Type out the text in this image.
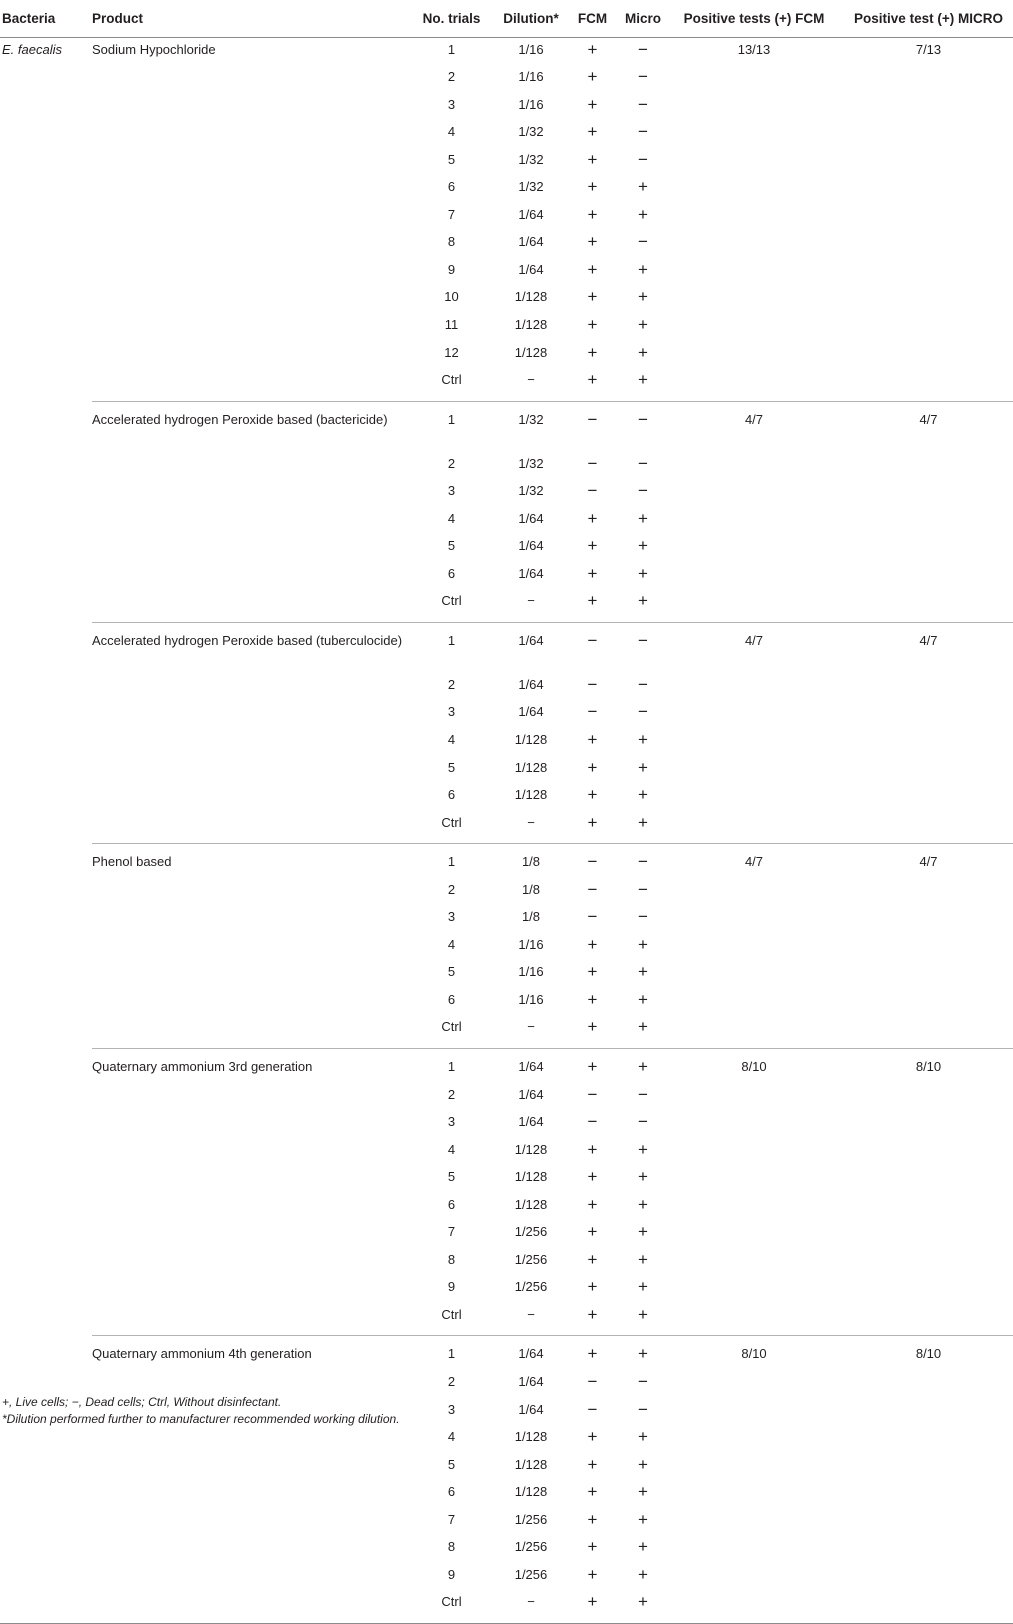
Bacteria	Product	No. trials	Dilution*	FCM	Micro	Positive tests (+) FCM	Positive test (+) MICRO
E. faecalis	Sodium Hypochloride	1	1/16	+	−	13/13	7/13
		2	1/16	+	−		
		3	1/16	+	−		
		4	1/32	+	−		
		5	1/32	+	−		
		6	1/32	+	+		
		7	1/64	+	+		
		8	1/64	+	−		
		9	1/64	+	+		
		10	1/128	+	+		
		11	1/128	+	+		
		12	1/128	+	+		
		Ctrl	−	+	+		
	Accelerated hydrogen Peroxide based (bactericide)	1	1/32	−	−	4/7	4/7
		2	1/32	−	−		
		3	1/32	−	−		
		4	1/64	+	+		
		5	1/64	+	+		
		6	1/64	+	+		
		Ctrl	−	+	+		
	Accelerated hydrogen Peroxide based (tuberculocide)	1	1/64	−	−	4/7	4/7
		2	1/64	−	−		
		3	1/64	−	−		
		4	1/128	+	+		
		5	1/128	+	+		
		6	1/128	+	+		
		Ctrl	−	+	+		
	Phenol based	1	1/8	−	−	4/7	4/7
		2	1/8	−	−		
		3	1/8	−	−		
		4	1/16	+	+		
		5	1/16	+	+		
		6	1/16	+	+		
		Ctrl	−	+	+		
	Quaternary ammonium 3rd generation	1	1/64	+	+	8/10	8/10
		2	1/64	−	−		
		3	1/64	−	−		
		4	1/128	+	+		
		5	1/128	+	+		
		6	1/128	+	+		
		7	1/256	+	+		
		8	1/256	+	+		
		9	1/256	+	+		
		Ctrl	−	+	+		
	Quaternary ammonium 4th generation	1	1/64	+	+	8/10	8/10
		2	1/64	−	−		
		3	1/64	−	−		
		4	1/128	+	+		
		5	1/128	+	+		
		6	1/128	+	+		
		7	1/256	+	+		
		8	1/256	+	+		
		9	1/256	+	+		
		Ctrl	−	+	+		
+, Live cells; −, Dead cells; Ctrl, Without disinfectant.
*Dilution performed further to manufacturer recommended working dilution.
